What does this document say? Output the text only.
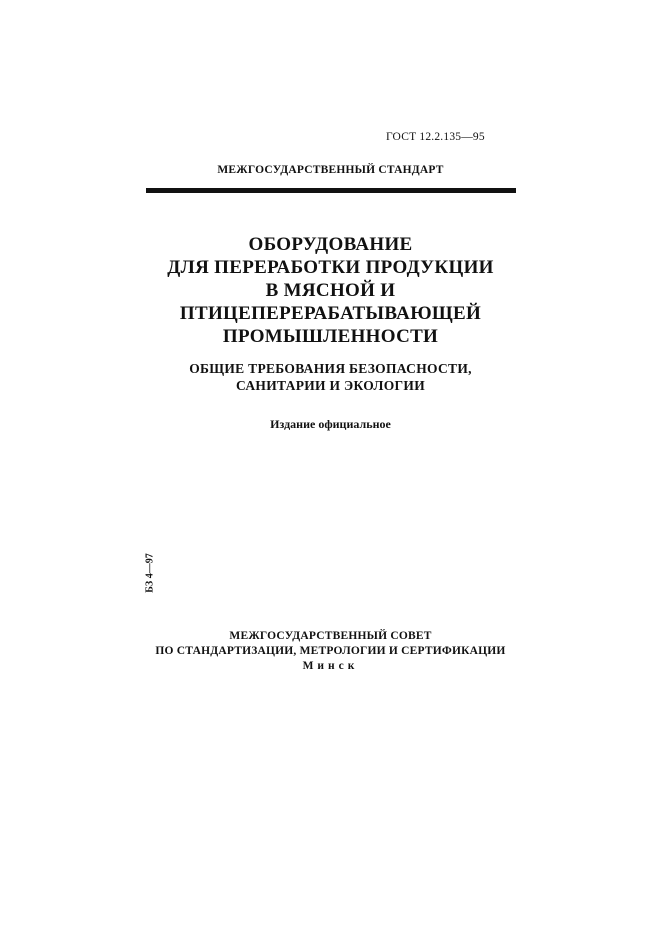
ГОСТ 12.2.135—95
МЕЖГОСУДАРСТВЕННЫЙ СТАНДАРТ
ОБОРУДОВАНИЕ
ДЛЯ ПЕРЕРАБОТКИ ПРОДУКЦИИ
В МЯСНОЙ И
ПТИЦЕПЕРЕРАБАТЫВАЮЩЕЙ
ПРОМЫШЛЕННОСТИ
ОБЩИЕ ТРЕБОВАНИЯ БЕЗОПАСНОСТИ,
САНИТАРИИ И ЭКОЛОГИИ
Издание официальное
БЗ 4—97
МЕЖГОСУДАРСТВЕННЫЙ СОВЕТ
ПО СТАНДАРТИЗАЦИИ, МЕТРОЛОГИИ И СЕРТИФИКАЦИИ
Минск
